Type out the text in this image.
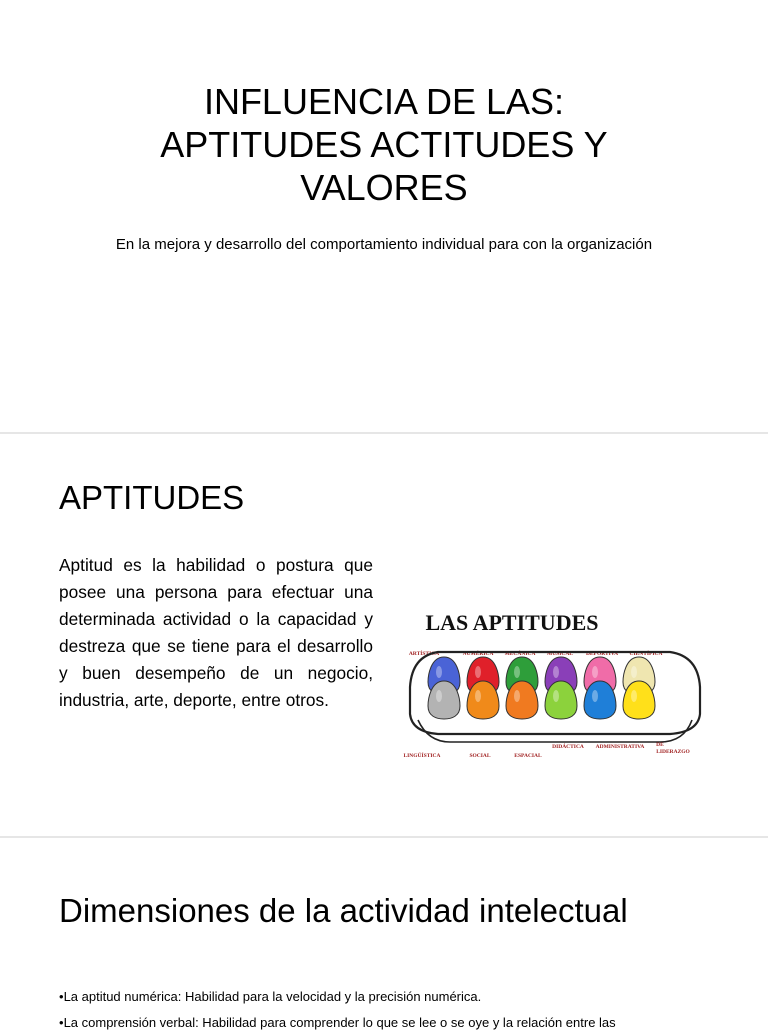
INFLUENCIA DE LAS:
APTITUDES ACTITUDES Y
VALORES
En la mejora y desarrollo del comportamiento individual para con la organización
APTITUDES
Aptitud es la habilidad o postura que posee una persona para efectuar una determinada actividad o la capacidad y destreza que se tiene para el desarrollo y buen desempeño de un negocio, industria, arte, deporte, entre otros.
LAS APTITUDES
ARTÍSTICA	NUMÉRICA MECÁNICA MUSICAL DEPORTIVA CIENTÍFICA
LINGÜÍSTICA	SOCIAL	ESPACIAL
DIDÁCTICA ADMINISTRATIVA DE
LIDERAZGO
Dimensiones de la actividad intelectual
• La aptitud numérica: Habilidad para la velocidad y la precisión numérica.
• La comprensión verbal: Habilidad para comprender lo que se lee o se oye y la relación entre las
